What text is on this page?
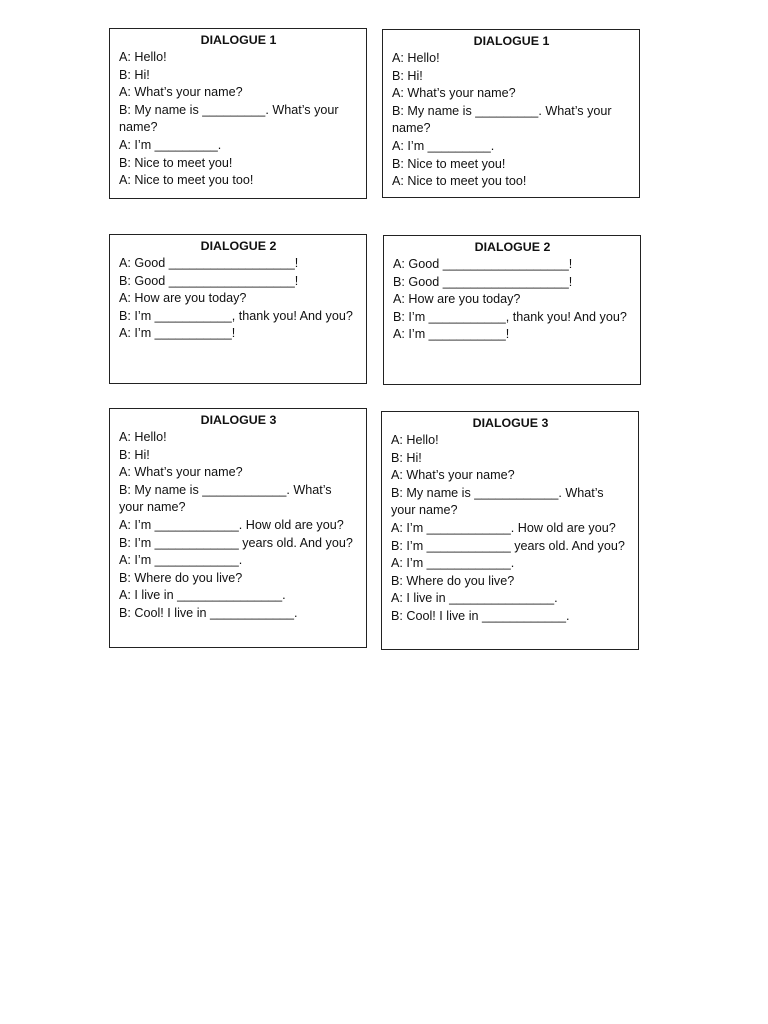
DIALOGUE 1
A: Hello!
B: Hi!
A: What’s your name?
B: My name is _________. What’s your name?
A: I’m _________.
B: Nice to meet you!
A: Nice to meet you too!
DIALOGUE 1
A: Hello!
B: Hi!
A: What’s your name?
B: My name is _________. What’s your name?
A: I’m _________.
B: Nice to meet you!
A: Nice to meet you too!
DIALOGUE 2
A: Good __________________!
B: Good __________________!
A: How are you today?
B: I’m ___________, thank you! And you?
A: I’m ___________!
DIALOGUE 2
A: Good __________________!
B: Good __________________!
A: How are you today?
B: I’m ___________, thank you! And you?
A: I’m ___________!
DIALOGUE 3
A: Hello!
B: Hi!
A: What’s your name?
B: My name is ____________. What’s your name?
A: I’m ____________. How old are you?
B: I’m ____________ years old. And you?
A: I’m ____________.
B: Where do you live?
A: I live in _______________.
B: Cool! I live in ____________.
DIALOGUE 3
A: Hello!
B: Hi!
A: What’s your name?
B: My name is ____________. What’s your name?
A: I’m ____________. How old are you?
B: I’m ____________ years old. And you?
A: I’m ____________.
B: Where do you live?
A: I live in _______________.
B: Cool! I live in ____________.
